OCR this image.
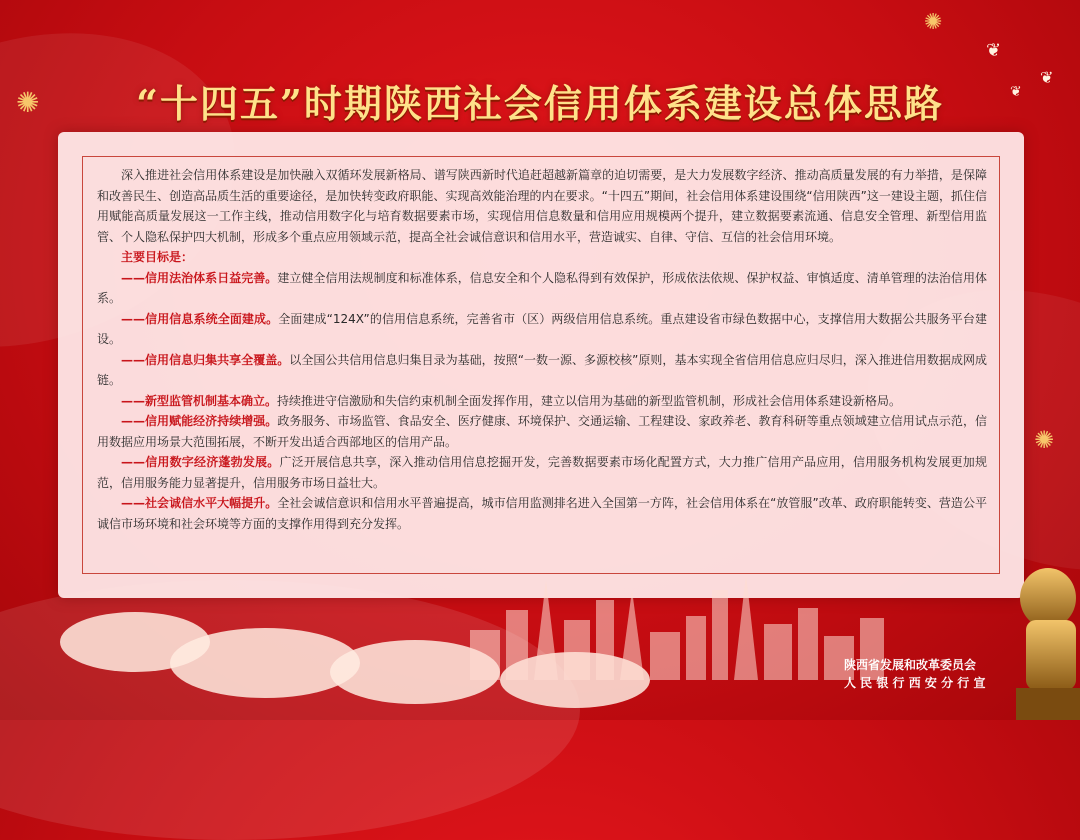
✺
✺
✺
❦
❦
❦
“十四五”时期陕西社会信用体系建设总体思路

深入推进社会信用体系建设是加快融入双循环发展新格局、谱写陕西新时代追赶超越新篇章的迫切需要，是大力发展数字经济、推动高质量发展的有力举措，是保障和改善民生、创造高品质生活的重要途径，是加快转变政府职能、实现高效能治理的内在要求。“十四五”期间，社会信用体系建设围绕“信用陕西”这一建设主题，抓住信用赋能高质量发展这一工作主线，推动信用数字化与培育数据要素市场，实现信用信息数量和信用应用规模两个提升，建立数据要素流通、信息安全管理、新型信用监管、个人隐私保护四大机制，形成多个重点应用领域示范，提高全社会诚信意识和信用水平，营造诚实、自律、守信、互信的社会信用环境。

主要目标是：

——信用法治体系日益完善。建立健全信用法规制度和标准体系，信息安全和个人隐私得到有效保护，形成依法依规、保护权益、审慎适度、清单管理的法治信用体系。

——信用信息系统全面建成。全面建成“124X”的信用信息系统，完善省市（区）两级信用信息系统。重点建设省市绿色数据中心，支撑信用大数据公共服务平台建设。

——信用信息归集共享全覆盖。以全国公共信用信息归集目录为基础，按照“一数一源、多源校核”原则，基本实现全省信用信息应归尽归，深入推进信用数据成网成链。

——新型监管机制基本确立。持续推进守信激励和失信约束机制全面发挥作用，建立以信用为基础的新型监管机制，形成社会信用体系建设新格局。

——信用赋能经济持续增强。政务服务、市场监管、食品安全、医疗健康、环境保护、交通运输、工程建设、家政养老、教育科研等重点领域建立信用试点示范，信用数据应用场景大范围拓展，不断开发出适合西部地区的信用产品。

——信用数字经济蓬勃发展。广泛开展信息共享，深入推动信用信息挖掘开发，完善数据要素市场化配置方式，大力推广信用产品应用，信用服务机构发展更加规范，信用服务能力显著提升，信用服务市场日益壮大。

——社会诚信水平大幅提升。全社会诚信意识和信用水平普遍提高，城市信用监测排名进入全国第一方阵，社会信用体系在“放管服”改革、政府职能转变、营造公平诚信市场环境和社会环境等方面的支撑作用得到充分发挥。

陕西省发展和改革委员会
人 民 银 行 西 安 分 行 宣
